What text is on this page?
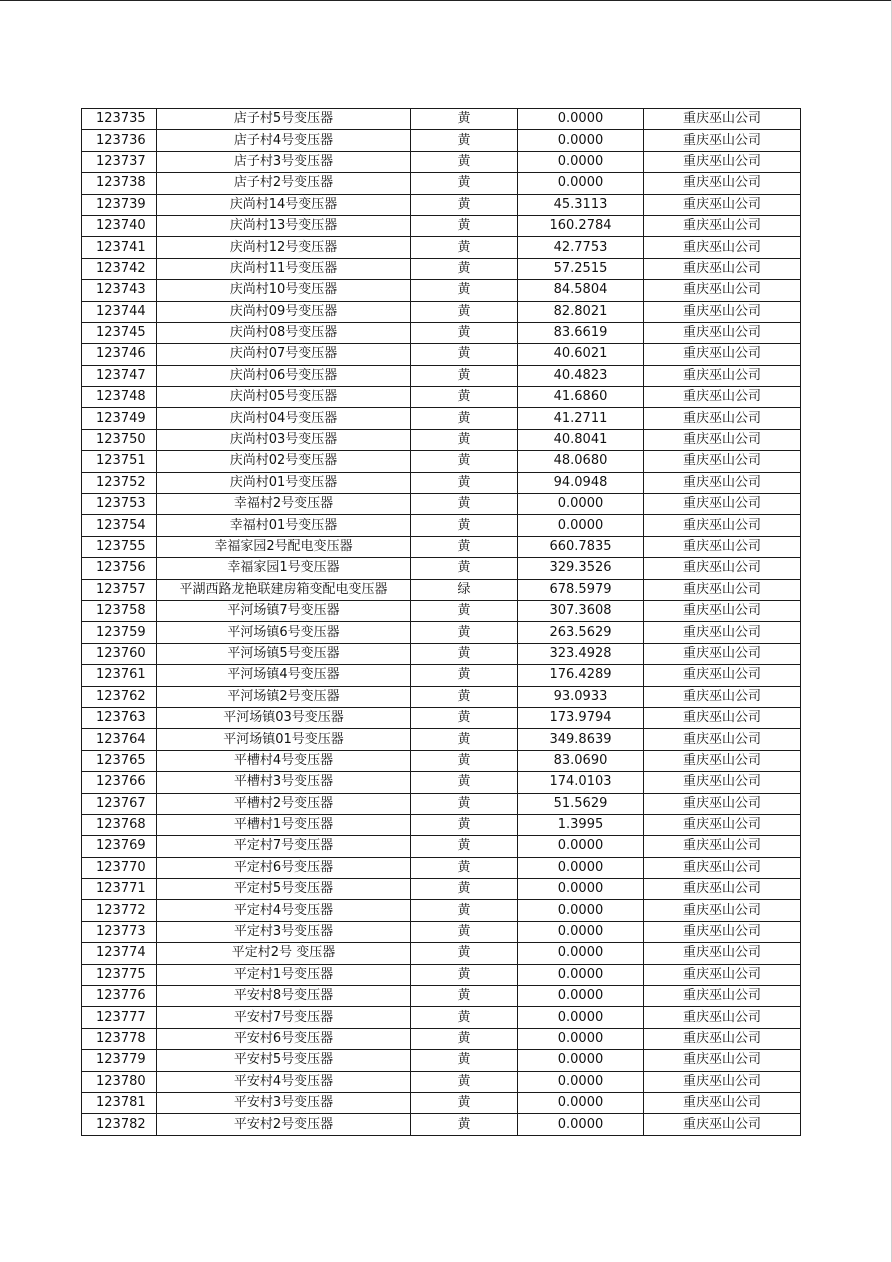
123735	店子村5号变压器	黄	0.0000	重庆巫山公司
123736	店子村4号变压器	黄	0.0000	重庆巫山公司
123737	店子村3号变压器	黄	0.0000	重庆巫山公司
123738	店子村2号变压器	黄	0.0000	重庆巫山公司
123739	庆尚村14号变压器	黄	45.3113	重庆巫山公司
123740	庆尚村13号变压器	黄	160.2784	重庆巫山公司
123741	庆尚村12号变压器	黄	42.7753	重庆巫山公司
123742	庆尚村11号变压器	黄	57.2515	重庆巫山公司
123743	庆尚村10号变压器	黄	84.5804	重庆巫山公司
123744	庆尚村09号变压器	黄	82.8021	重庆巫山公司
123745	庆尚村08号变压器	黄	83.6619	重庆巫山公司
123746	庆尚村07号变压器	黄	40.6021	重庆巫山公司
123747	庆尚村06号变压器	黄	40.4823	重庆巫山公司
123748	庆尚村05号变压器	黄	41.6860	重庆巫山公司
123749	庆尚村04号变压器	黄	41.2711	重庆巫山公司
123750	庆尚村03号变压器	黄	40.8041	重庆巫山公司
123751	庆尚村02号变压器	黄	48.0680	重庆巫山公司
123752	庆尚村01号变压器	黄	94.0948	重庆巫山公司
123753	幸福村2号变压器	黄	0.0000	重庆巫山公司
123754	幸福村01号变压器	黄	0.0000	重庆巫山公司
123755	幸福家园2号配电变压器	黄	660.7835	重庆巫山公司
123756	幸福家园1号变压器	黄	329.3526	重庆巫山公司
123757	平湖西路龙艳联建房箱变配电变压器	绿	678.5979	重庆巫山公司
123758	平河场镇7号变压器	黄	307.3608	重庆巫山公司
123759	平河场镇6号变压器	黄	263.5629	重庆巫山公司
123760	平河场镇5号变压器	黄	323.4928	重庆巫山公司
123761	平河场镇4号变压器	黄	176.4289	重庆巫山公司
123762	平河场镇2号变压器	黄	93.0933	重庆巫山公司
123763	平河场镇03号变压器	黄	173.9794	重庆巫山公司
123764	平河场镇01号变压器	黄	349.8639	重庆巫山公司
123765	平槽村4号变压器	黄	83.0690	重庆巫山公司
123766	平槽村3号变压器	黄	174.0103	重庆巫山公司
123767	平槽村2号变压器	黄	51.5629	重庆巫山公司
123768	平槽村1号变压器	黄	1.3995	重庆巫山公司
123769	平定村7号变压器	黄	0.0000	重庆巫山公司
123770	平定村6号变压器	黄	0.0000	重庆巫山公司
123771	平定村5号变压器	黄	0.0000	重庆巫山公司
123772	平定村4号变压器	黄	0.0000	重庆巫山公司
123773	平定村3号变压器	黄	0.0000	重庆巫山公司
123774	平定村2号 变压器	黄	0.0000	重庆巫山公司
123775	平定村1号变压器	黄	0.0000	重庆巫山公司
123776	平安村8号变压器	黄	0.0000	重庆巫山公司
123777	平安村7号变压器	黄	0.0000	重庆巫山公司
123778	平安村6号变压器	黄	0.0000	重庆巫山公司
123779	平安村5号变压器	黄	0.0000	重庆巫山公司
123780	平安村4号变压器	黄	0.0000	重庆巫山公司
123781	平安村3号变压器	黄	0.0000	重庆巫山公司
123782	平安村2号变压器	黄	0.0000	重庆巫山公司
